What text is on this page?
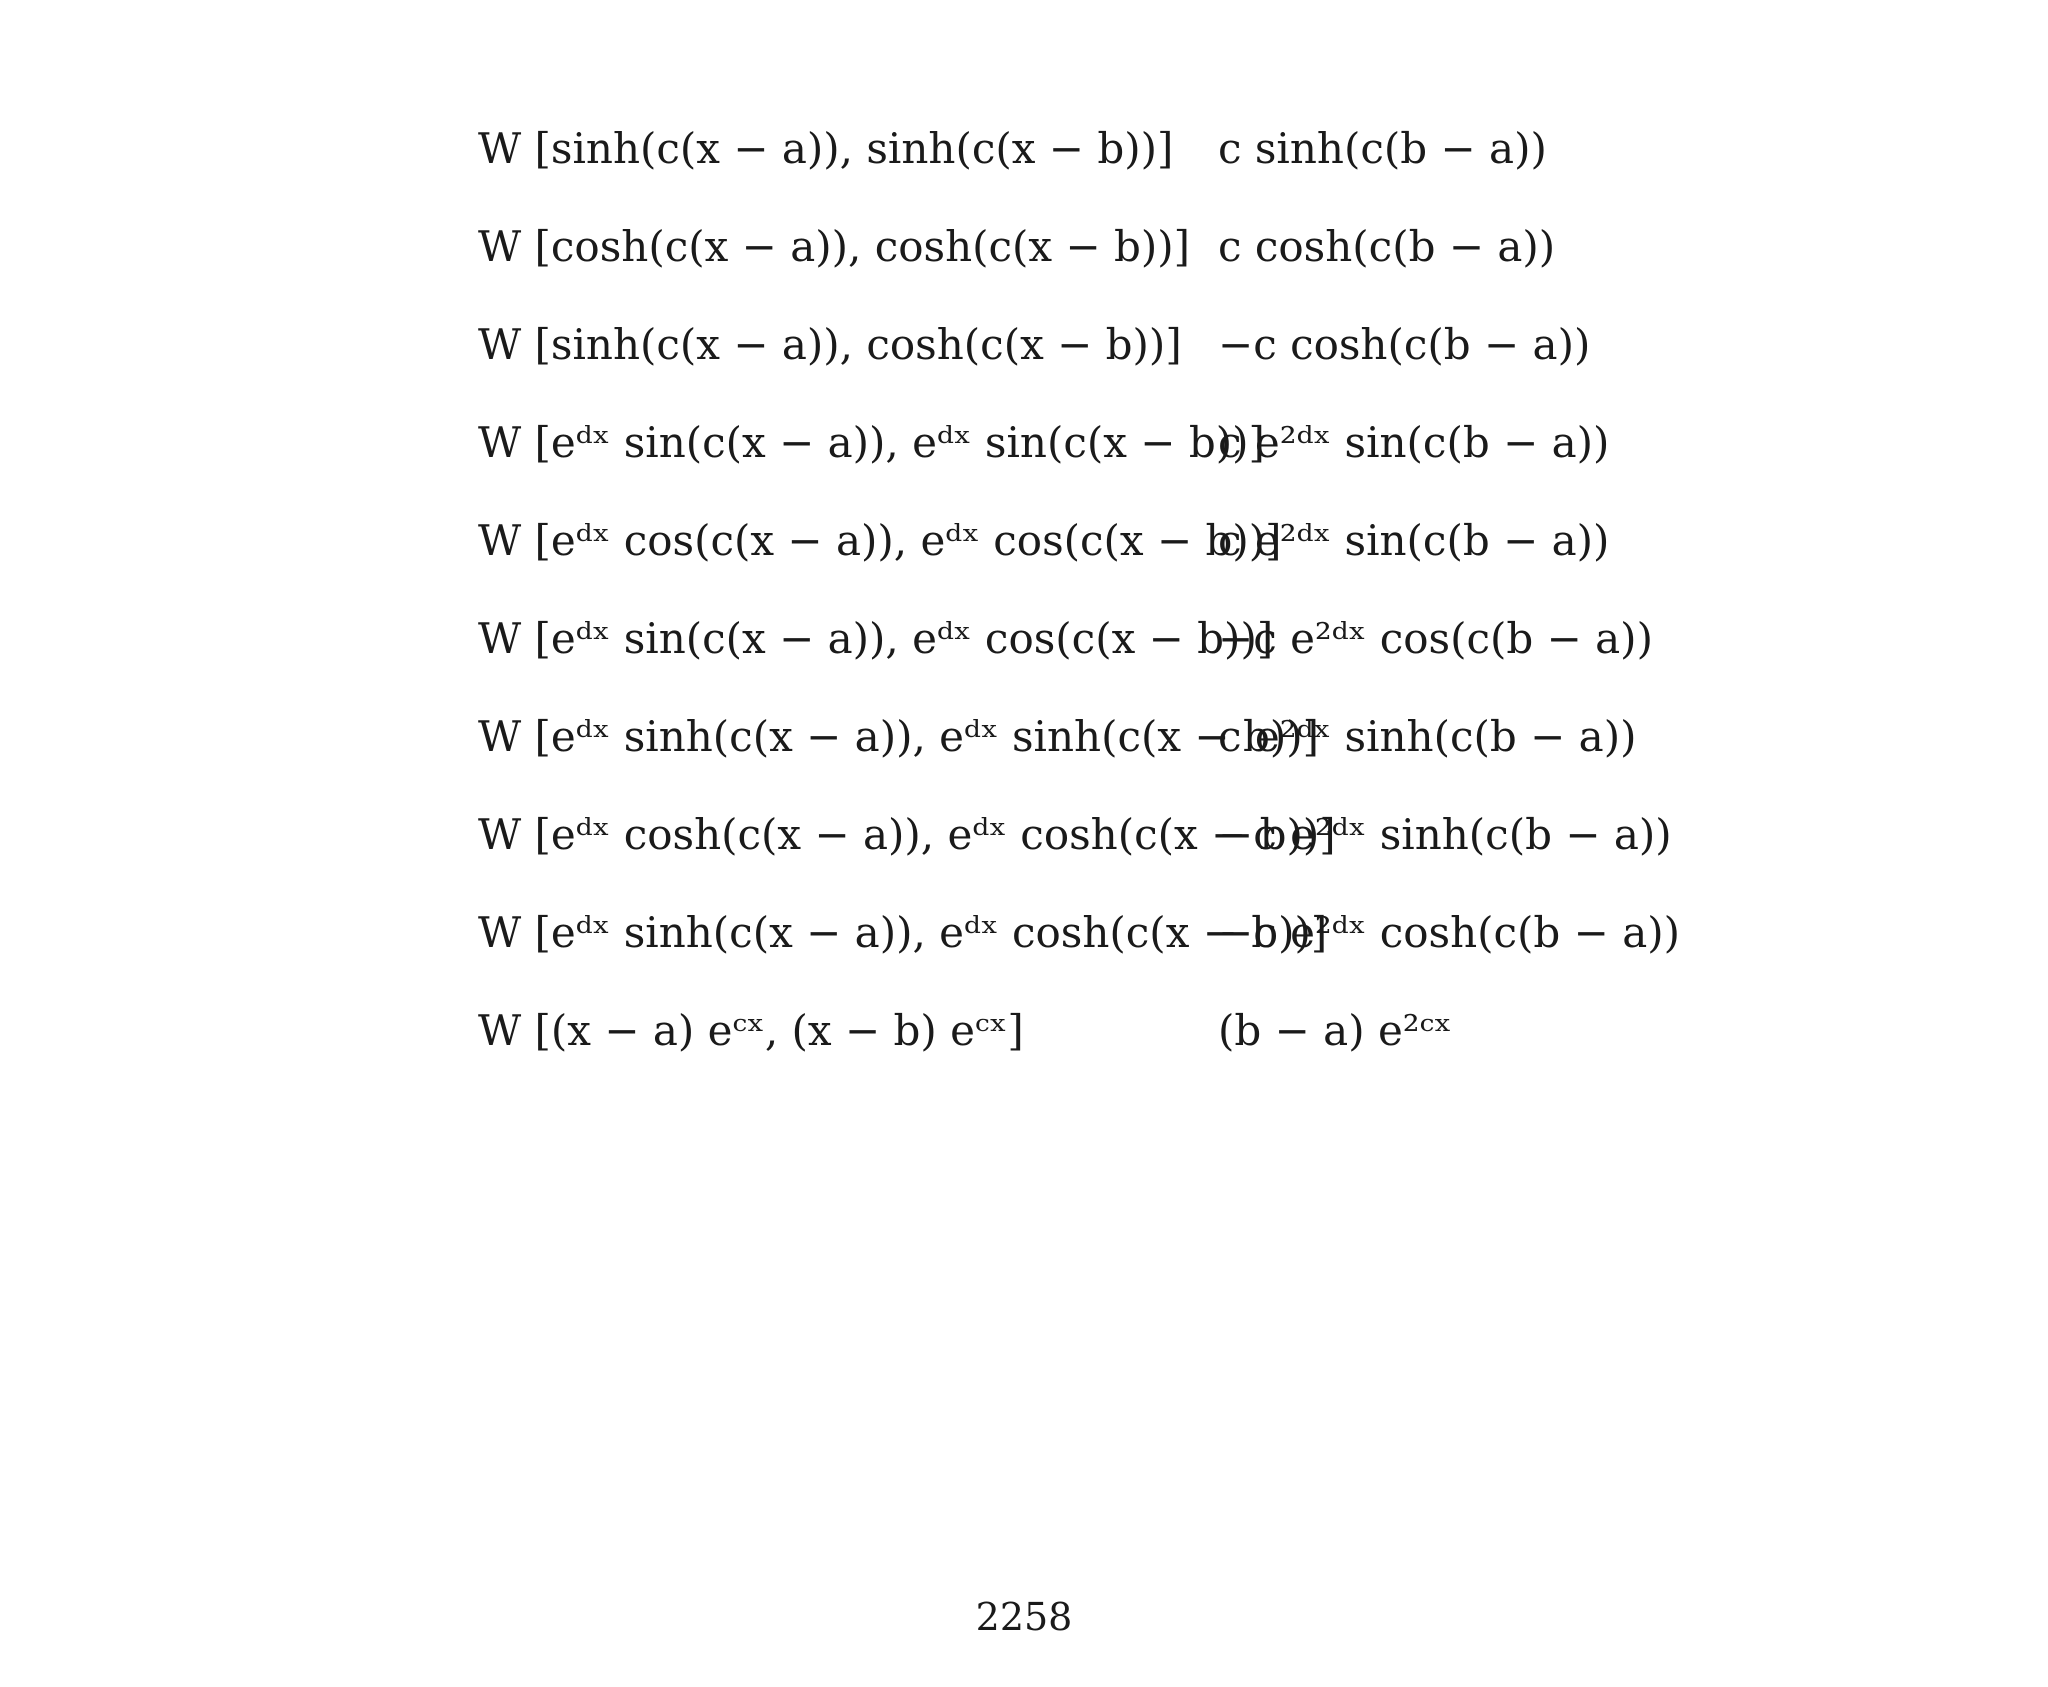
W [sinh(c(x − a)), sinh(c(x − b))] c sinh(c(b − a))
W [cosh(c(x − a)), cosh(c(x − b))] c cosh(c(b − a))
W [sinh(c(x − a)), cosh(c(x − b))] −c cosh(c(b − a))
W [eᵈˣ sin(c(x − a)), eᵈˣ sin(c(x − b))]
c e²ᵈˣ sin(c(b − a))
W [eᵈˣ cos(c(x − a)), eᵈˣ cos(c(x − b))]
c e²ᵈˣ sin(c(b − a))
W [eᵈˣ sin(c(x − a)), eᵈˣ cos(c(x − b))]
−c e²ᵈˣ cos(c(b − a))
W [eᵈˣ sinh(c(x − a)), eᵈˣ sinh(c(x − b))]
c e²ᵈˣ sinh(c(b − a))
W [eᵈˣ cosh(c(x − a)), eᵈˣ cosh(c(x − b))]
−c e²ᵈˣ sinh(c(b − a))
W [eᵈˣ sinh(c(x − a)), eᵈˣ cosh(c(x − b))]
−c e²ᵈˣ cosh(c(b − a))
W [(x − a) eᶜˣ, (x − b) eᶜˣ]	(b − a) e²ᶜˣ
2258
